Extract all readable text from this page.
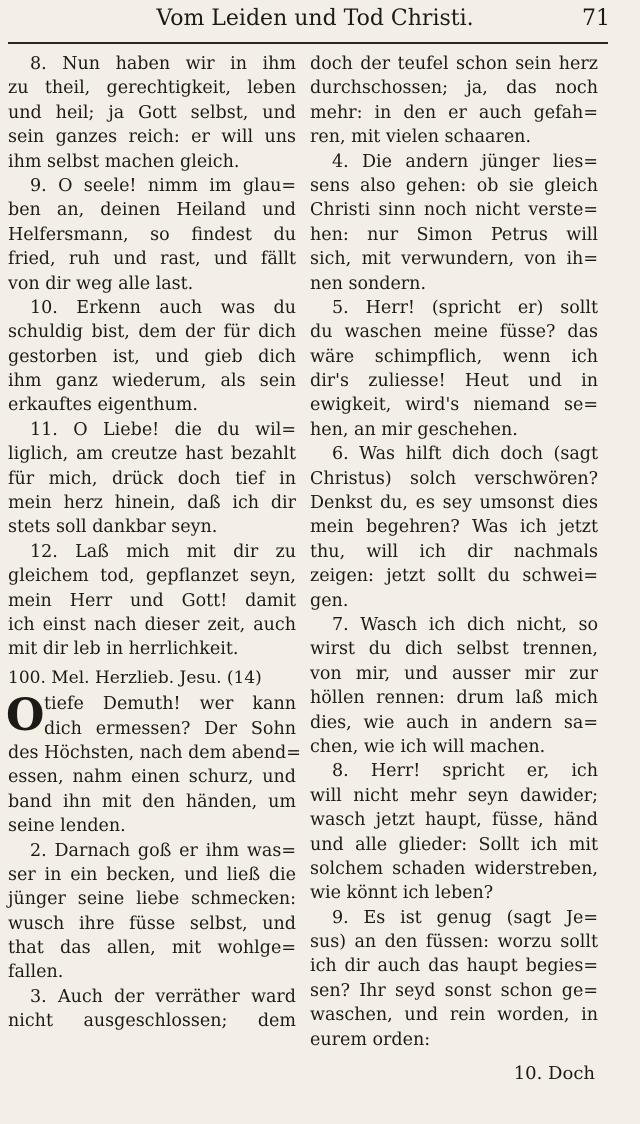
Vom Leiden und Tod Christi.	71
8. Nun haben wir in ihm
zu theil, gerechtigkeit, leben
und heil; ja Gott selbst, und
sein ganzes reich: er will uns
ihm selbst machen gleich.
9. O seele! nimm im glau=
ben an, deinen Heiland und
Helfersmann, so findest du
fried, ruh und rast, und fällt
von dir weg alle last.
10. Erkenn auch was du
schuldig bist, dem der für dich
gestorben ist, und gieb dich
ihm ganz wiederum, als sein
erkauftes eigenthum.
11. O Liebe! die du wil=
liglich, am creutze hast bezahlt
für mich, drück doch tief in
mein herz hinein, daß ich dir
stets soll dankbar seyn.
12. Laß mich mit dir zu
gleichem tod, gepflanzet seyn,
mein Herr und Gott! damit
ich einst nach dieser zeit, auch
mit dir leb in herrlichkeit.
100. Mel. Herzlieb. Jesu. (14)
O tiefe Demuth! wer kann
dich ermessen? Der Sohn
des Höchsten, nach dem abend=
essen, nahm einen schurz, und
band ihn mit den händen, um
seine lenden.
2. Darnach goß er ihm was=
ser in ein becken, und ließ die
jünger seine liebe schmecken:
wusch ihre füsse selbst, und
that das allen, mit wohlge=
fallen.
3. Auch der verräther ward
nicht ausgeschlossen; dem
doch der teufel schon sein herz
durchschossen; ja, das noch
mehr: in den er auch gefah=
ren, mit vielen schaaren.
4. Die andern jünger lies=
sens also gehen: ob sie gleich
Christi sinn noch nicht verste=
hen: nur Simon Petrus will
sich, mit verwundern, von ih=
nen sondern.
5. Herr! (spricht er) sollt
du waschen meine füsse? das
wäre schimpflich, wenn ich
dir's zuliesse! Heut und in
ewigkeit, wird's niemand se=
hen, an mir geschehen.
6. Was hilft dich doch (sagt
Christus) solch verschwören?
Denkst du, es sey umsonst dies
mein begehren? Was ich jetzt
thu, will ich dir nachmals
zeigen: jetzt sollt du schwei=
gen.
7. Wasch ich dich nicht, so
wirst du dich selbst trennen,
von mir, und ausser mir zur
höllen rennen: drum laß mich
dies, wie auch in andern sa=
chen, wie ich will machen.
8. Herr! spricht er, ich
will nicht mehr seyn dawider;
wasch jetzt haupt, füsse, händ
und alle glieder: Sollt ich mit
solchem schaden widerstreben,
wie könnt ich leben?
9. Es ist genug (sagt Je=
sus) an den füssen: worzu sollt
ich dir auch das haupt begies=
sen? Ihr seyd sonst schon ge=
waschen, und rein worden, in
eurem orden:
10. Doch
